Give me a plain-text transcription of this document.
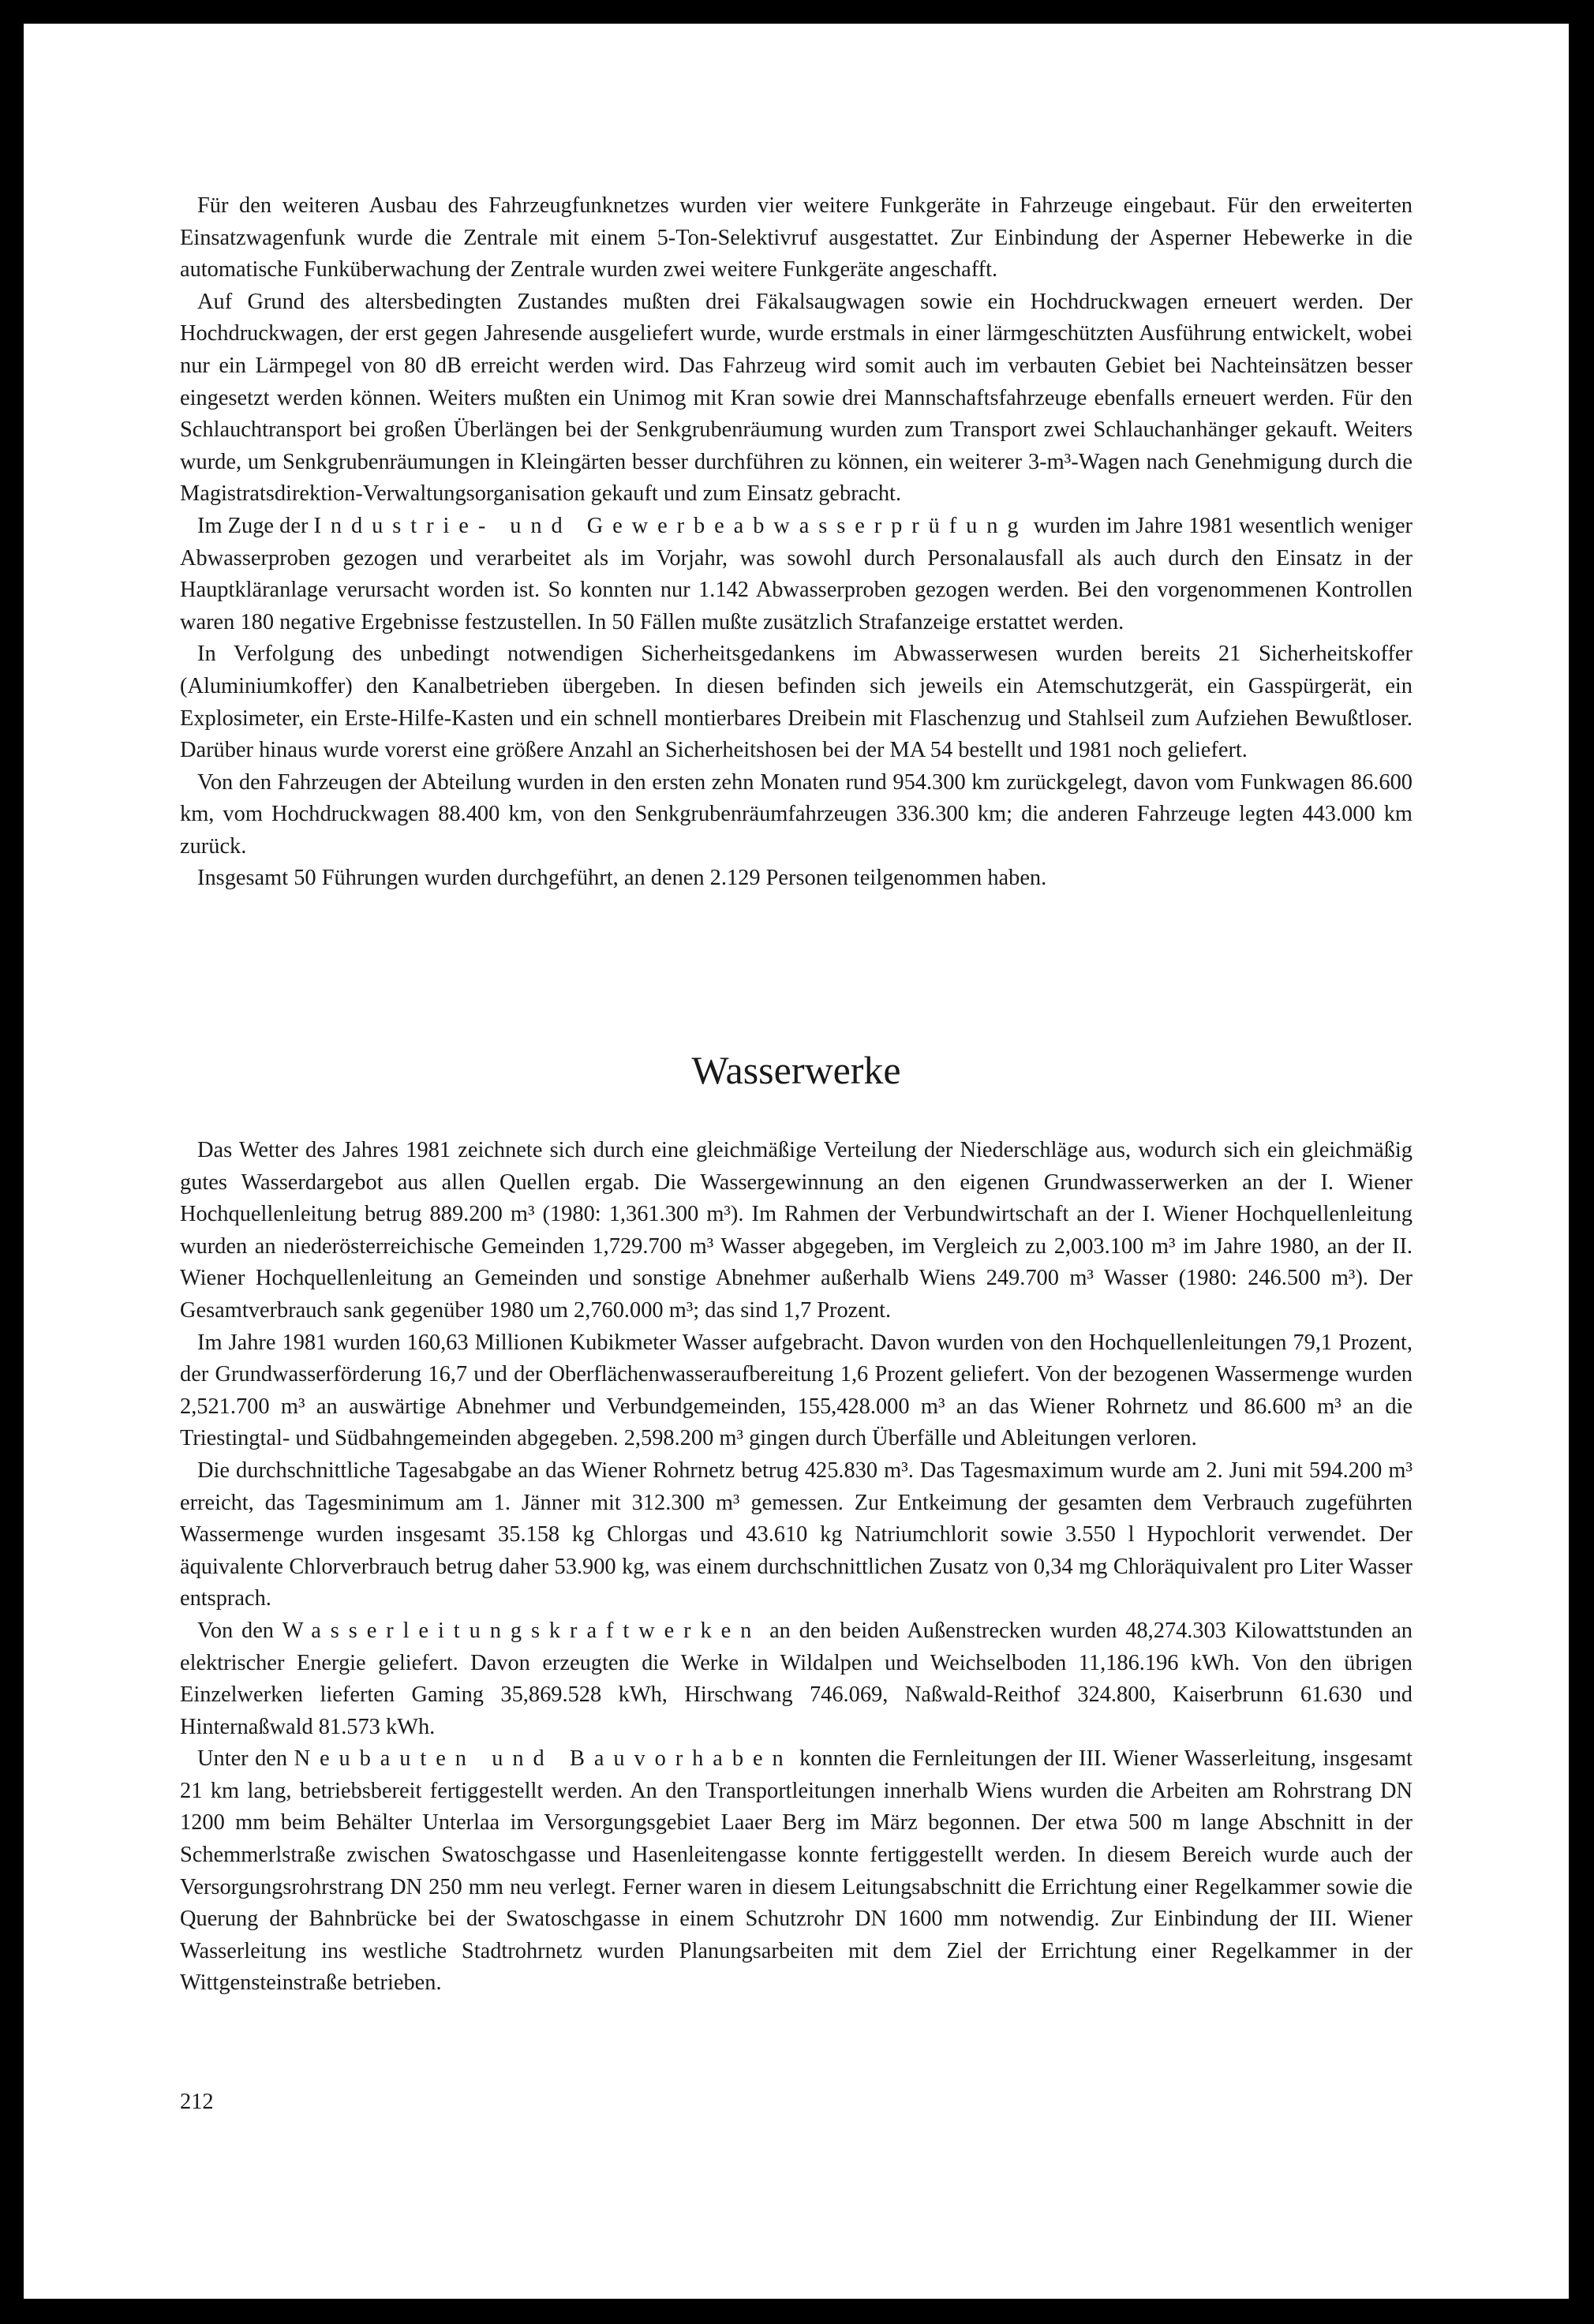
Für den weiteren Ausbau des Fahrzeugfunknetzes wurden vier weitere Funkgeräte in Fahrzeuge eingebaut. Für den erweiterten Einsatzwagenfunk wurde die Zentrale mit einem 5-Ton-Selektivruf ausgestattet. Zur Einbindung der Asperner Hebewerke in die automatische Funküberwachung der Zentrale wurden zwei weitere Funkgeräte angeschafft.

Auf Grund des altersbedingten Zustandes mußten drei Fäkalsaugwagen sowie ein Hochdruckwagen erneuert werden. Der Hochdruckwagen, der erst gegen Jahresende ausgeliefert wurde, wurde erstmals in einer lärmgeschützten Ausführung entwickelt, wobei nur ein Lärmpegel von 80 dB erreicht werden wird. Das Fahrzeug wird somit auch im verbauten Gebiet bei Nachteinsätzen besser eingesetzt werden können. Weiters mußten ein Unimog mit Kran sowie drei Mannschaftsfahrzeuge ebenfalls erneuert werden. Für den Schlauchtransport bei großen Überlängen bei der Senkgrubenräumung wurden zum Transport zwei Schlauchanhänger gekauft. Weiters wurde, um Senkgrubenräumungen in Kleingärten besser durchführen zu können, ein weiterer 3-m³-Wagen nach Genehmigung durch die Magistratsdirektion-Verwaltungsorganisation gekauft und zum Einsatz gebracht.

Im Zuge der Industrie- und Gewerbeabwasserprüfung wurden im Jahre 1981 wesentlich weniger Abwasserproben gezogen und verarbeitet als im Vorjahr, was sowohl durch Personalausfall als auch durch den Einsatz in der Hauptkläranlage verursacht worden ist. So konnten nur 1.142 Abwasserproben gezogen werden. Bei den vorgenommenen Kontrollen waren 180 negative Ergebnisse festzustellen. In 50 Fällen mußte zusätzlich Strafanzeige erstattet werden.

In Verfolgung des unbedingt notwendigen Sicherheitsgedankens im Abwasserwesen wurden bereits 21 Sicherheitskoffer (Aluminiumkoffer) den Kanalbetrieben übergeben. In diesen befinden sich jeweils ein Atemschutzgerät, ein Gasspürgerät, ein Explosimeter, ein Erste-Hilfe-Kasten und ein schnell montierbares Dreibein mit Flaschenzug und Stahlseil zum Aufziehen Bewußtloser. Darüber hinaus wurde vorerst eine größere Anzahl an Sicherheitshosen bei der MA 54 bestellt und 1981 noch geliefert.

Von den Fahrzeugen der Abteilung wurden in den ersten zehn Monaten rund 954.300 km zurückgelegt, davon vom Funkwagen 86.600 km, vom Hochdruckwagen 88.400 km, von den Senkgrubenräumfahrzeugen 336.300 km; die anderen Fahrzeuge legten 443.000 km zurück.

Insgesamt 50 Führungen wurden durchgeführt, an denen 2.129 Personen teilgenommen haben.

Wasserwerke

Das Wetter des Jahres 1981 zeichnete sich durch eine gleichmäßige Verteilung der Niederschläge aus, wodurch sich ein gleichmäßig gutes Wasserdargebot aus allen Quellen ergab. Die Wassergewinnung an den eigenen Grundwasserwerken an der I. Wiener Hochquellenleitung betrug 889.200 m³ (1980: 1,361.300 m³). Im Rahmen der Verbundwirtschaft an der I. Wiener Hochquellenleitung wurden an niederösterreichische Gemeinden 1,729.700 m³ Wasser abgegeben, im Vergleich zu 2,003.100 m³ im Jahre 1980, an der II. Wiener Hochquellenleitung an Gemeinden und sonstige Abnehmer außerhalb Wiens 249.700 m³ Wasser (1980: 246.500 m³). Der Gesamtverbrauch sank gegenüber 1980 um 2,760.000 m³; das sind 1,7 Prozent.

Im Jahre 1981 wurden 160,63 Millionen Kubikmeter Wasser aufgebracht. Davon wurden von den Hochquellenleitungen 79,1 Prozent, der Grundwasserförderung 16,7 und der Oberflächenwasseraufbereitung 1,6 Prozent geliefert. Von der bezogenen Wassermenge wurden 2,521.700 m³ an auswärtige Abnehmer und Verbundgemeinden, 155,428.000 m³ an das Wiener Rohrnetz und 86.600 m³ an die Triestingtal- und Südbahngemeinden abgegeben. 2,598.200 m³ gingen durch Überfälle und Ableitungen verloren.

Die durchschnittliche Tagesabgabe an das Wiener Rohrnetz betrug 425.830 m³. Das Tagesmaximum wurde am 2. Juni mit 594.200 m³ erreicht, das Tagesminimum am 1. Jänner mit 312.300 m³ gemessen. Zur Entkeimung der gesamten dem Verbrauch zugeführten Wassermenge wurden insgesamt 35.158 kg Chlorgas und 43.610 kg Natriumchlorit sowie 3.550 l Hypochlorit verwendet. Der äquivalente Chlorverbrauch betrug daher 53.900 kg, was einem durchschnittlichen Zusatz von 0,34 mg Chloräquivalent pro Liter Wasser entsprach.

Von den Wasserleitungskraftwerken an den beiden Außenstrecken wurden 48,274.303 Kilowattstunden an elektrischer Energie geliefert. Davon erzeugten die Werke in Wildalpen und Weichselboden 11,186.196 kWh. Von den übrigen Einzelwerken lieferten Gaming 35,869.528 kWh, Hirschwang 746.069, Naßwald-Reithof 324.800, Kaiserbrunn 61.630 und Hinternaßwald 81.573 kWh.

Unter den Neubauten und Bauvorhaben konnten die Fernleitungen der III. Wiener Wasserleitung, insgesamt 21 km lang, betriebsbereit fertiggestellt werden. An den Transportleitungen innerhalb Wiens wurden die Arbeiten am Rohrstrang DN 1200 mm beim Behälter Unterlaa im Versorgungsgebiet Laaer Berg im März begonnen. Der etwa 500 m lange Abschnitt in der Schemmerlstraße zwischen Swatoschgasse und Hasenleitengasse konnte fertiggestellt werden. In diesem Bereich wurde auch der Versorgungsrohrstrang DN 250 mm neu verlegt. Ferner waren in diesem Leitungsabschnitt die Errichtung einer Regelkammer sowie die Querung der Bahnbrücke bei der Swatoschgasse in einem Schutzrohr DN 1600 mm notwendig. Zur Einbindung der III. Wiener Wasserleitung ins westliche Stadtrohrnetz wurden Planungsarbeiten mit dem Ziel der Errichtung einer Regelkammer in der Wittgensteinstraße betrieben.

212
